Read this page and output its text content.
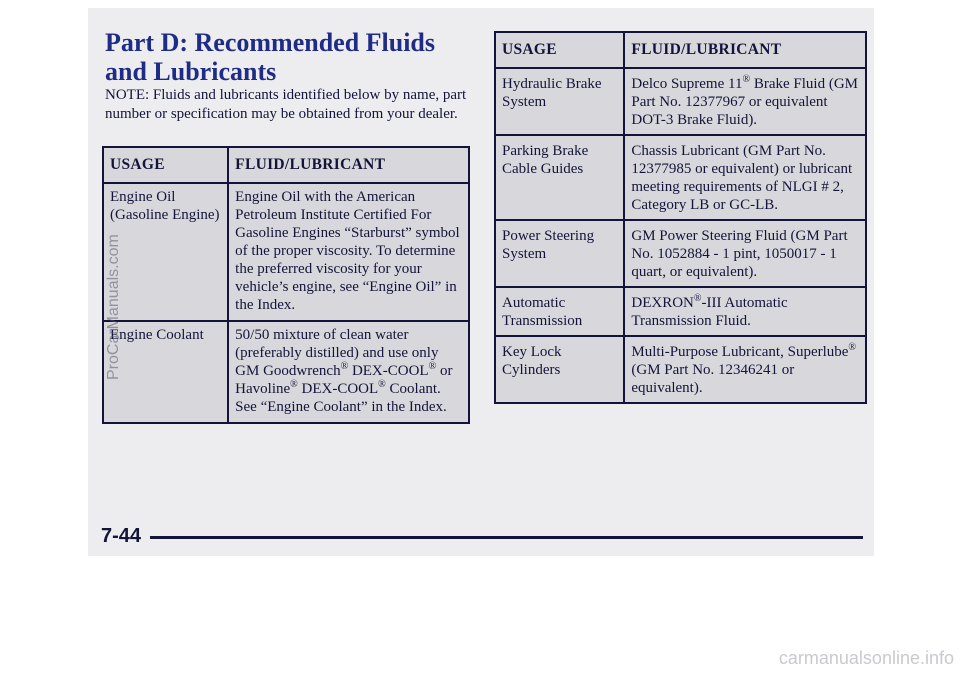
Part D: Recommended Fluids
and Lubricants
NOTE: Fluids and lubricants identified below by name, part number or specification may be obtained from your dealer.
USAGE	FLUID/LUBRICANT

Engine Oil (Gasoline Engine)	Engine Oil with the American Petroleum Institute Certified For Gasoline Engines “Starburst” symbol of the proper viscosity. To determine the preferred viscosity for your vehicle’s engine, see “Engine Oil” in the Index.

Engine Coolant	50/50 mixture of clean water (preferably distilled) and use only GM Goodwrench® DEX-COOL® or Havoline® DEX-COOL® Coolant. See “Engine Coolant” in the Index.
USAGE	FLUID/LUBRICANT

Hydraulic Brake System	Delco Supreme 11® Brake Fluid (GM Part No. 12377967 or equivalent DOT-3 Brake Fluid).

Parking Brake Cable Guides	Chassis Lubricant (GM Part No. 12377985 or equivalent) or lubricant meeting requirements of NLGI # 2, Category LB or GC-LB.

Power Steering System	GM Power Steering Fluid (GM Part No. 1052884 - 1 pint, 1050017 - 1 quart, or equivalent).

Automatic Transmission	DEXRON®-III Automatic Transmission Fluid.

Key Lock Cylinders	Multi-Purpose Lubricant, Superlube® (GM Part No. 12346241 or equivalent).
7-44
ProCarManuals.com
carmanualsonline.info
